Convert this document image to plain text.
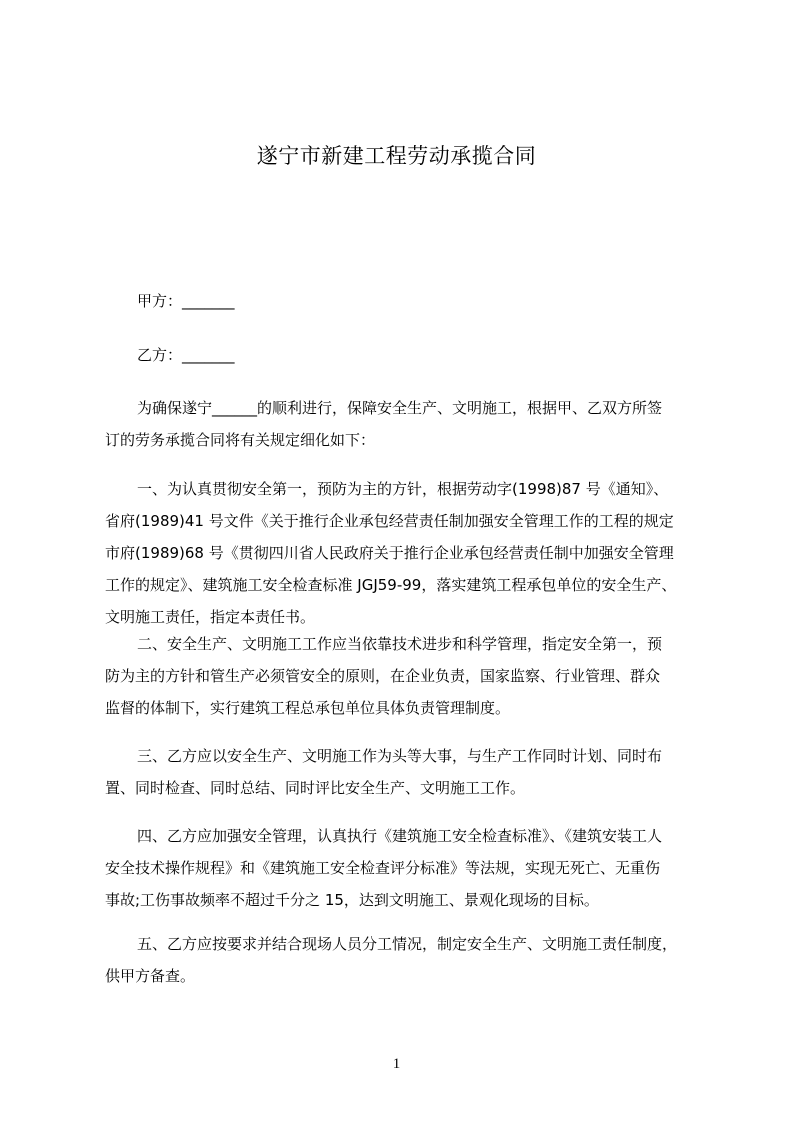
遂宁市新建工程劳动承揽合同
甲方：_______
乙方：_______
为确保遂宁______的顺利进行，保障安全生产、文明施工，根据甲、乙双方所签
订的劳务承揽合同将有关规定细化如下：
一、为认真贯彻安全第一，预防为主的方针，根据劳动字(1998)87 号《通知》、
省府(1989)41 号文件《关于推行企业承包经营责任制加强安全管理工作的工程的规定
市府(1989)68 号《贯彻四川省人民政府关于推行企业承包经营责任制中加强安全管理
工作的规定》、建筑施工安全检查标准 JGJ59-99，落实建筑工程承包单位的安全生产、
文明施工责任，指定本责任书。
二、安全生产、文明施工工作应当依靠技术进步和科学管理，指定安全第一，预
防为主的方针和管生产必须管安全的原则，在企业负责，国家监察、行业管理、群众
监督的体制下，实行建筑工程总承包单位具体负责管理制度。
三、乙方应以安全生产、文明施工作为头等大事，与生产工作同时计划、同时布
置、同时检查、同时总结、同时评比安全生产、文明施工工作。
四、乙方应加强安全管理，认真执行《建筑施工安全检查标准》、《建筑安装工人
安全技术操作规程》和《建筑施工安全检查评分标准》等法规，实现无死亡、无重伤
事故;工伤事故频率不超过千分之 15，达到文明施工、景观化现场的目标。
五、乙方应按要求并结合现场人员分工情况，制定安全生产、文明施工责任制度，
供甲方备查。
1
